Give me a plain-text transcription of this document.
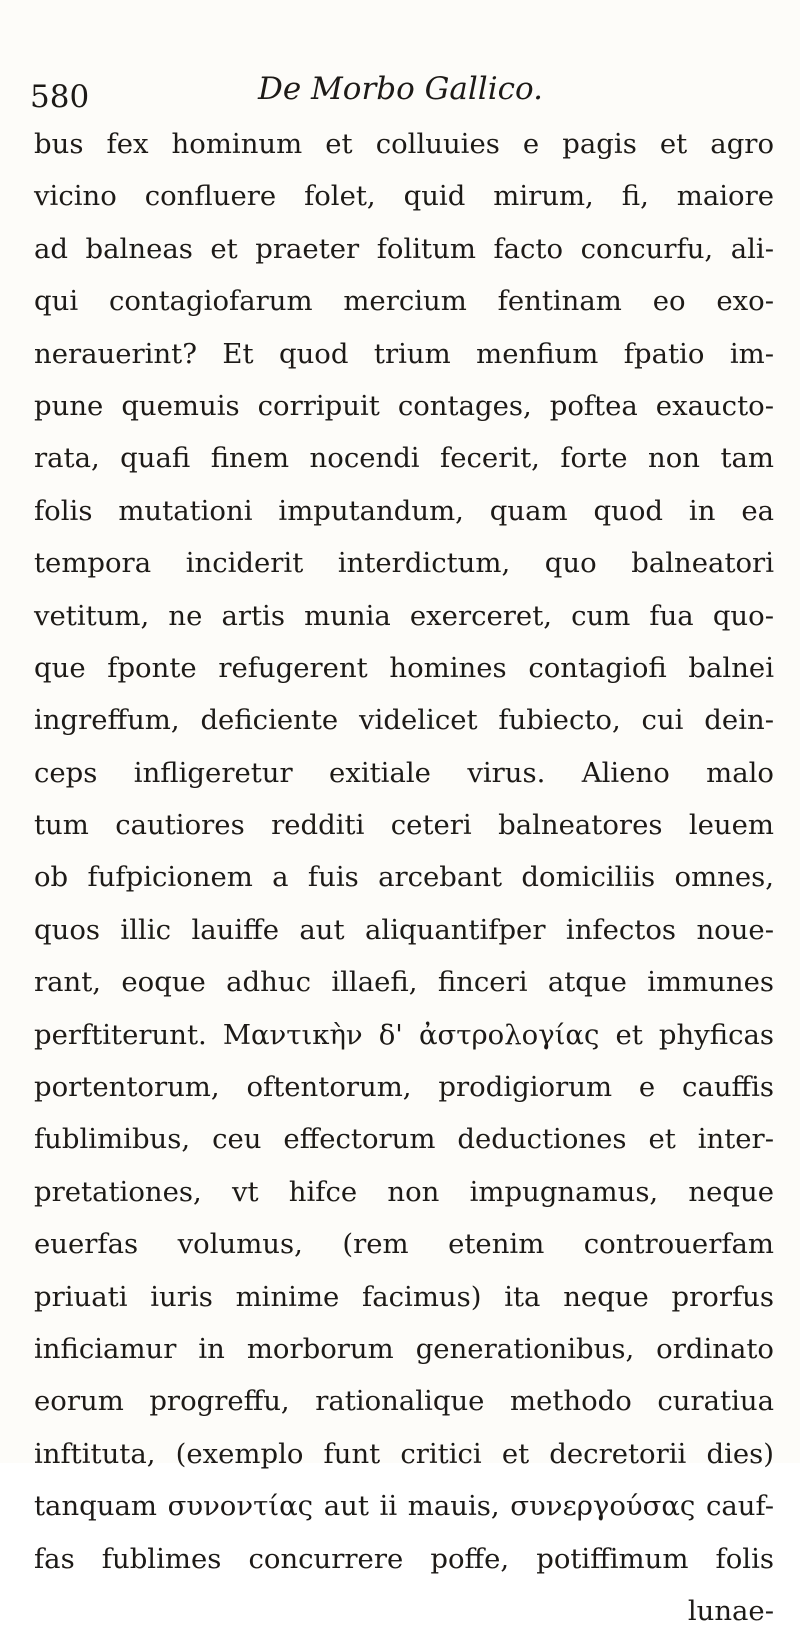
580	De Morbo Gallico.
bus fex hominum et colluuies e pagis et agro
vicino confluere folet, quid mirum, fi, maiore
ad balneas et praeter folitum facto concurfu, ali-
qui contagiofarum mercium fentinam eo exo-
nerauerint? Et quod trium menfium fpatio im-
pune quemuis corripuit contages, poftea exaucto-
rata, quafi finem nocendi fecerit, forte non tam
folis mutationi imputandum, quam quod in ea
tempora inciderit interdictum, quo balneatori
vetitum, ne artis munia exerceret, cum fua quo-
que fponte refugerent homines contagiofi balnei
ingreffum, deficiente videlicet fubiecto, cui dein-
ceps infligeretur exitiale virus. Alieno malo
tum cautiores redditi ceteri balneatores leuem
ob fufpicionem a fuis arcebant domiciliis omnes,
quos illic lauiffe aut aliquantifper infectos noue-
rant, eoque adhuc illaefi, finceri atque immunes
perftiterunt. Μαντικὴν δ' ἀστρολογίας et phyficas
portentorum, oftentorum, prodigiorum e cauffis
fublimibus, ceu effectorum deductiones et inter-
pretationes, vt hifce non impugnamus, neque
euerfas volumus, (rem etenim controuerfam
priuati iuris minime facimus) ita neque prorfus
inficiamur in morborum generationibus, ordinato
eorum progreffu, rationalique methodo curatiua
inftituta, (exemplo funt critici et decretorii dies)
tanquam συνοντίας aut ii mauis, συνεργούσας cauf-
fas fublimes concurrere poffe, potiffimum folis
lunae-
